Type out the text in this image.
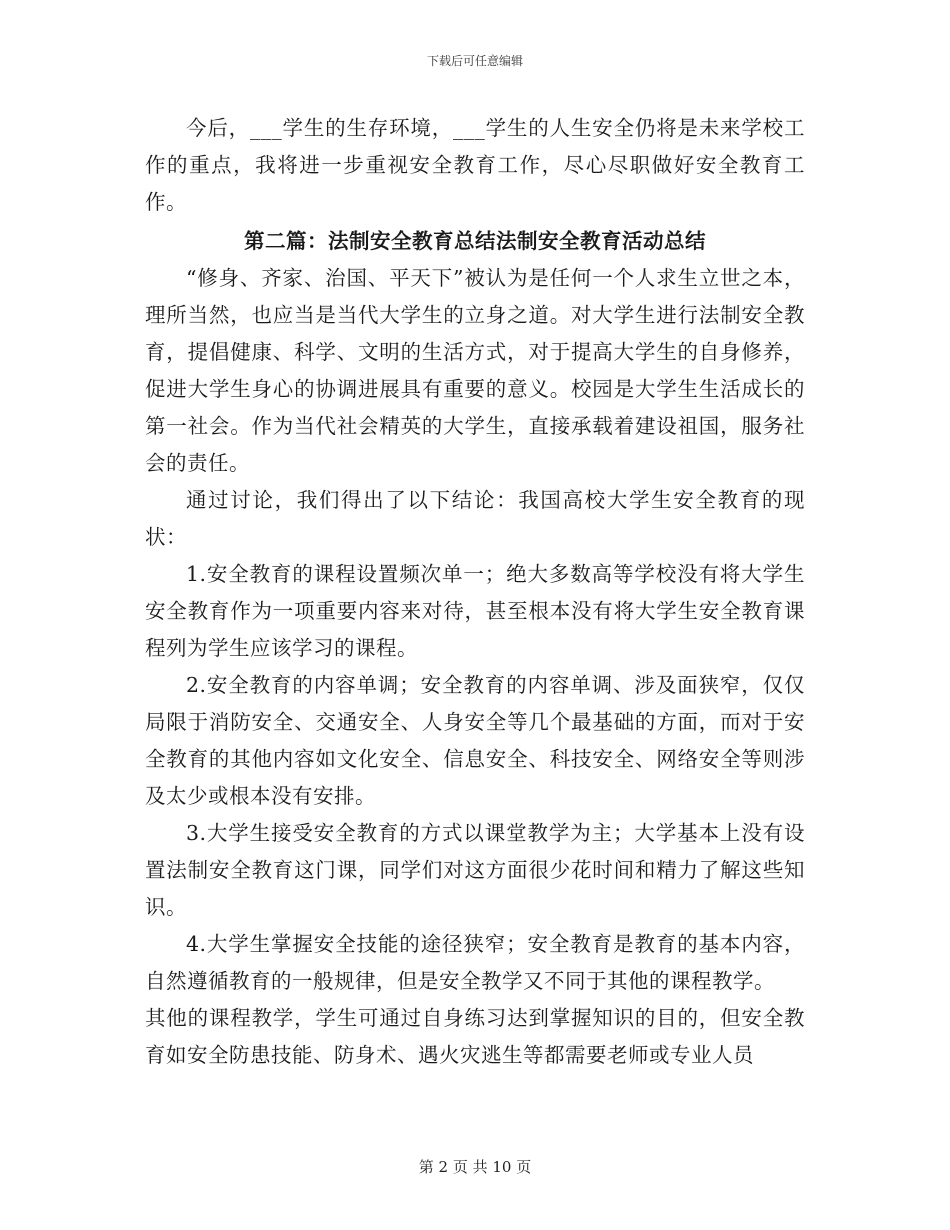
下载后可任意编辑

今后，___学生的生存环境，___学生的人生安全仍将是未来学校工作的重点，我将进一步重视安全教育工作，尽心尽职做好安全教育工作。

第二篇：法制安全教育总结法制安全教育活动总结

“修身、齐家、治国、平天下”被认为是任何一个人求生立世之本，理所当然，也应当是当代大学生的立身之道。对大学生进行法制安全教育，提倡健康、科学、文明的生活方式，对于提高大学生的自身修养，促进大学生身心的协调进展具有重要的意义。校园是大学生生活成长的第一社会。作为当代社会精英的大学生，直接承载着建设祖国，服务社会的责任。

通过讨论，我们得出了以下结论：我国高校大学生安全教育的现状：

1.安全教育的课程设置频次单一；绝大多数高等学校没有将大学生安全教育作为一项重要内容来对待，甚至根本没有将大学生安全教育课程列为学生应该学习的课程。

2.安全教育的内容单调；安全教育的内容单调、涉及面狭窄，仅仅局限于消防安全、交通安全、人身安全等几个最基础的方面，而对于安全教育的其他内容如文化安全、信息安全、科技安全、网络安全等则涉及太少或根本没有安排。

3.大学生接受安全教育的方式以课堂教学为主；大学基本上没有设置法制安全教育这门课，同学们对这方面很少花时间和精力了解这些知识。

4.大学生掌握安全技能的途径狭窄；安全教育是教育的基本内容，自然遵循教育的一般规律，但是安全教学又不同于其他的课程教学。

其他的课程教学，学生可通过自身练习达到掌握知识的目的，但安全教育如安全防患技能、防身术、遇火灾逃生等都需要老师或专业人员

第 2 页 共 10 页
